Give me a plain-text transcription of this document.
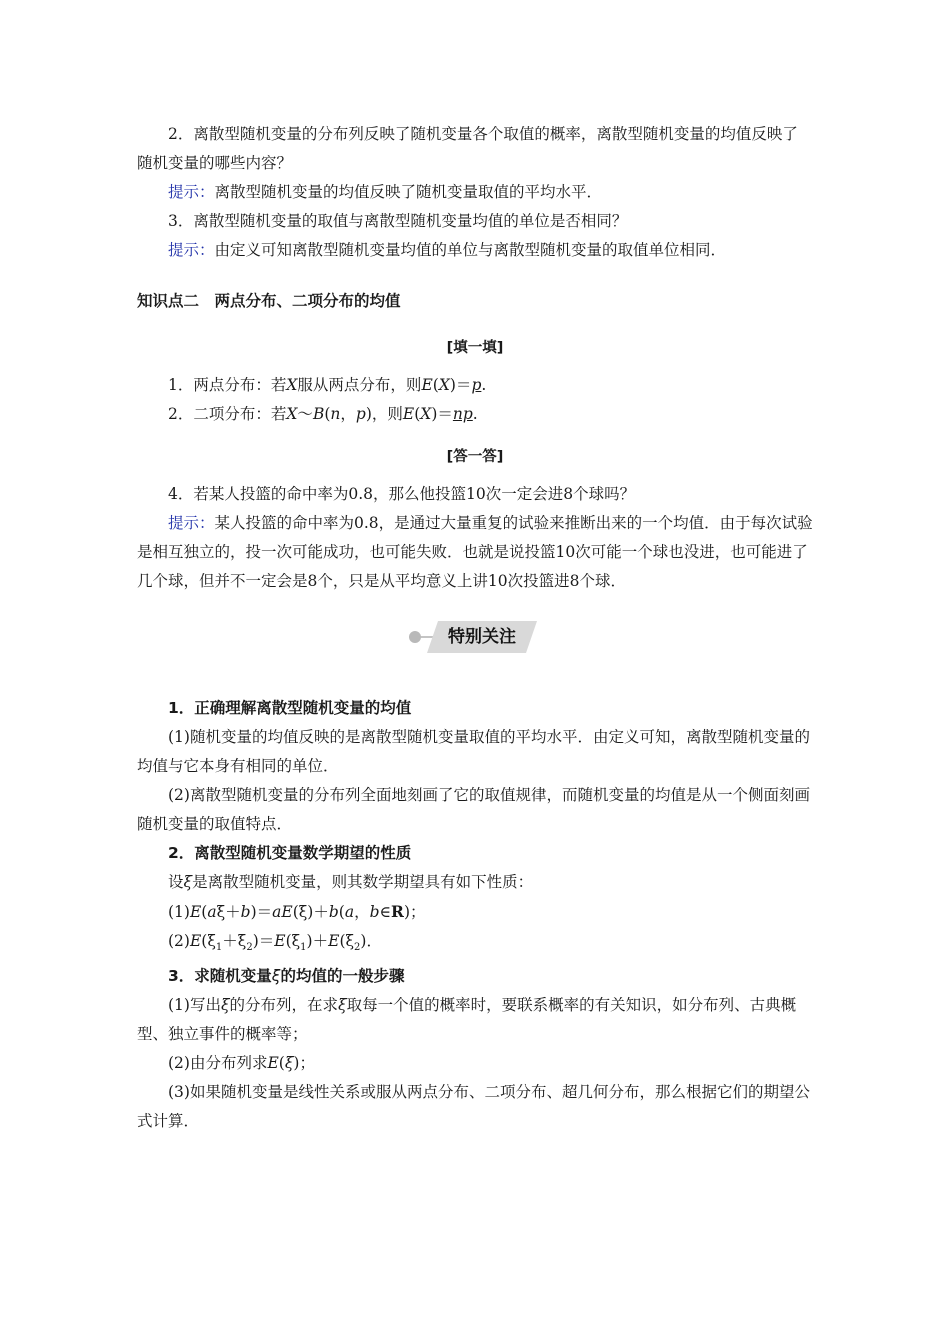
2．离散型随机变量的分布列反映了随机变量各个取值的概率，离散型随机变量的均值反映了随机变量的哪些内容？

提示：离散型随机变量的均值反映了随机变量取值的平均水平．

3．离散型随机变量的取值与离散型随机变量均值的单位是否相同？

提示：由定义可知离散型随机变量均值的单位与离散型随机变量的取值单位相同．

知识点二　两点分布、二项分布的均值

[填一填]

1．两点分布：若X服从两点分布，则E(X)＝p.

2．二项分布：若X～B(n，p)，则E(X)＝np.

[答一答]

4．若某人投篮的命中率为0.8，那么他投篮10次一定会进8个球吗？

提示：某人投篮的命中率为0.8，是通过大量重复的试验来推断出来的一个均值．由于每次试验是相互独立的，投一次可能成功，也可能失败．也就是说投篮10次可能一个球也没进，也可能进了几个球，但并不一定会是8个，只是从平均意义上讲10次投篮进8个球．

特别关注

1．正确理解离散型随机变量的均值

(1)随机变量的均值反映的是离散型随机变量取值的平均水平．由定义可知，离散型随机变量的均值与它本身有相同的单位．

(2)离散型随机变量的分布列全面地刻画了它的取值规律，而随机变量的均值是从一个侧面刻画随机变量的取值特点．

2．离散型随机变量数学期望的性质

设ξ是离散型随机变量，则其数学期望具有如下性质：

(1)E(aξ＋b)＝aE(ξ)＋b(a，b∈R)；

$(2)E(\xi_1+\xi_2)=E(\xi_1)+E(\xi_2)$．

3．求随机变量ξ的均值的一般步骤

(1)写出ξ的分布列，在求ξ取每一个值的概率时，要联系概率的有关知识，如分布列、古典概型、独立事件的概率等；

(2)由分布列求E(ξ)；

(3)如果随机变量是线性关系或服从两点分布、二项分布、超几何分布，那么根据它们的期望公式计算．
